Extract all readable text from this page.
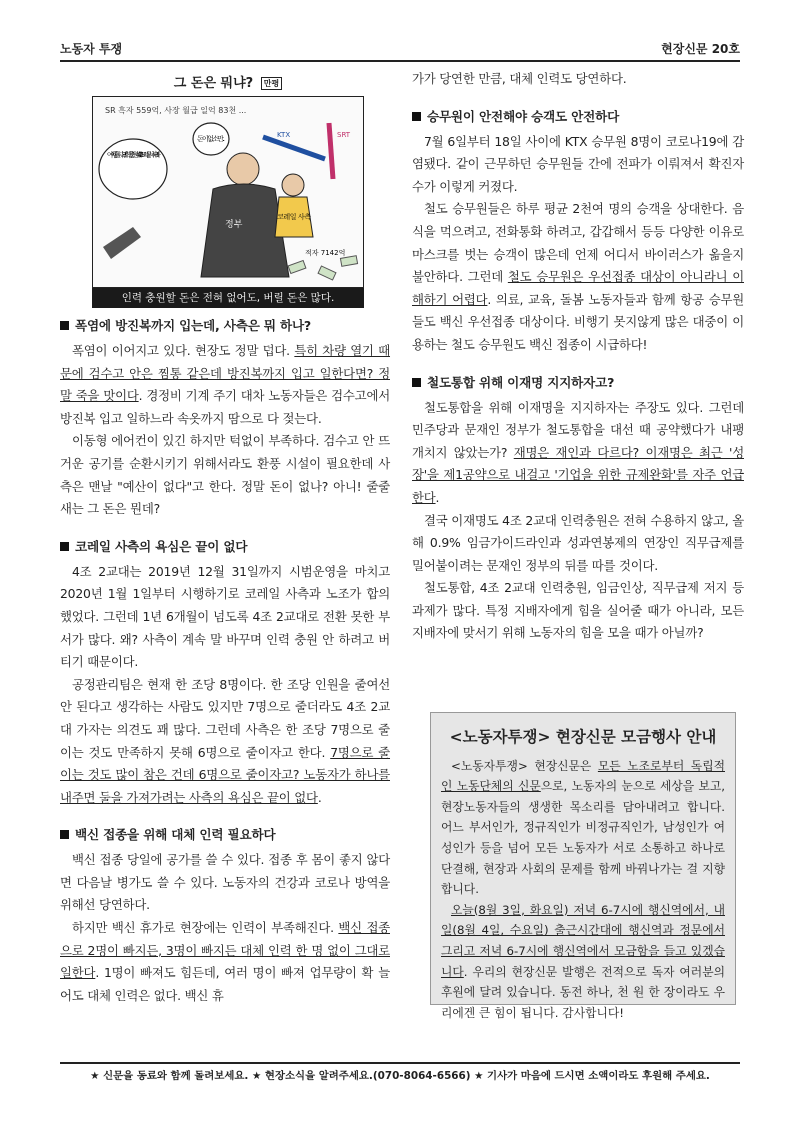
노동자 투쟁	현장신문 20호
그 돈은 뭐냐? 만평
SR 흑자 559억, 사장 월급 일억 83천 ...
아이 힘들다고! 인력을 충원해 4조 2교대 실시하라!!
돈이 없소만...
정부
코레일 사측
KTX	SRT
적자 7142억
인력 충원할 돈은 전혀 없어도, 버릴 돈은 많다.
폭염에 방진복까지 입는데, 사측은 뭐 하나?

폭염이 이어지고 있다. 현장도 정말 덥다. 특히 차량 열기 때문에 검수고 안은 찜통 같은데 방진복까지 입고 일한다면? 정말 죽을 맛이다. 경정비 기계 주기 대차 노동자들은 검수고에서 방진복 입고 일하느라 속옷까지 땀으로 다 젖는다.

이동형 에어컨이 있긴 하지만 턱없이 부족하다. 검수고 안 뜨거운 공기를 순환시키기 위해서라도 환풍 시설이 필요한데 사측은 맨날 "예산이 없다"고 한다. 정말 돈이 없나? 아니! 줄줄 새는 그 돈은 뭔데?

코레일 사측의 욕심은 끝이 없다

4조 2교대는 2019년 12월 31일까지 시범운영을 마치고 2020년 1월 1일부터 시행하기로 코레일 사측과 노조가 합의했었다. 그런데 1년 6개월이 넘도록 4조 2교대로 전환 못한 부서가 많다. 왜? 사측이 계속 말 바꾸며 인력 충원 안 하려고 버티기 때문이다.

공정관리팀은 현재 한 조당 8명이다. 한 조당 인원을 줄여선 안 된다고 생각하는 사람도 있지만 7명으로 줄더라도 4조 2교대 가자는 의견도 꽤 많다. 그런데 사측은 한 조당 7명으로 줄이는 것도 만족하지 못해 6명으로 줄이자고 한다. 7명으로 줄이는 것도 많이 참은 건데 6명으로 줄이자고? 노동자가 하나를 내주면 둘을 가져가려는 사측의 욕심은 끝이 없다.

백신 접종을 위해 대체 인력 필요하다

백신 접종 당일에 공가를 쓸 수 있다. 접종 후 몸이 좋지 않다면 다음날 병가도 쓸 수 있다. 노동자의 건강과 코로나 방역을 위해선 당연하다.

하지만 백신 휴가로 현장에는 인력이 부족해진다. 백신 접종으로 2명이 빠지든, 3명이 빠지든 대체 인력 한 명 없이 그대로 일한다. 1명이 빠져도 힘든데, 여러 명이 빠져 업무량이 확 늘어도 대체 인력은 없다. 백신 휴

가가 당연한 만큼, 대체 인력도 당연하다.

승무원이 안전해야 승객도 안전하다

7월 6일부터 18일 사이에 KTX 승무원 8명이 코로나19에 감염됐다. 같이 근무하던 승무원들 간에 전파가 이뤄져서 확진자 수가 이렇게 커졌다.

철도 승무원들은 하루 평균 2천여 명의 승객을 상대한다. 음식을 먹으려고, 전화통화 하려고, 갑갑해서 등등 다양한 이유로 마스크를 벗는 승객이 많은데 언제 어디서 바이러스가 옮을지 불안하다. 그런데 철도 승무원은 우선접종 대상이 아니라니 이해하기 어렵다. 의료, 교육, 돌봄 노동자들과 함께 항공 승무원들도 백신 우선접종 대상이다. 비행기 못지않게 많은 대중이 이용하는 철도 승무원도 백신 접종이 시급하다!

철도통합 위해 이재명 지지하자고?

철도통합을 위해 이재명을 지지하자는 주장도 있다. 그런데 민주당과 문재인 정부가 철도통합을 대선 때 공약했다가 내팽개치지 않았는가? 재명은 재인과 다르다? 이재명은 최근 '성장'을 제1공약으로 내걸고 '기업을 위한 규제완화'를 자주 언급한다.

결국 이재명도 4조 2교대 인력충원은 전혀 수용하지 않고, 올해 0.9% 임금가이드라인과 성과연봉제의 연장인 직무급제를 밀어붙이려는 문재인 정부의 뒤를 따를 것이다.

철도통합, 4조 2교대 인력충원, 임금인상, 직무급제 저지 등 과제가 많다. 특정 지배자에게 힘을 실어줄 때가 아니라, 모든 지배자에 맞서기 위해 노동자의 힘을 모을 때가 아닐까?

<노동자투쟁> 현장신문 모금행사 안내

<노동자투쟁> 현장신문은 모든 노조로부터 독립적인 노동단체의 신문으로, 노동자의 눈으로 세상을 보고, 현장노동자들의 생생한 목소리를 담아내려고 합니다. 어느 부서인가, 정규직인가 비정규직인가, 남성인가 여성인가 등을 넘어 모든 노동자가 서로 소통하고 하나로 단결해, 현장과 사회의 문제를 함께 바꿔나가는 걸 지향합니다.

오늘(8월 3일, 화요일) 저녁 6-7시에 행신역에서, 내일(8월 4일, 수요일) 출근시간대에 행신역과 정문에서 그리고 저녁 6-7시에 행신역에서 모금함을 들고 있겠습니다. 우리의 현장신문 발행은 전적으로 독자 여러분의 후원에 달려 있습니다. 동전 하나, 천 원 한 장이라도 우리에겐 큰 힘이 됩니다. 감사합니다!

★ 신문을 동료와 함께 돌려보세요. ★ 현장소식을 알려주세요.(070-8064-6566) ★ 기사가 마음에 드시면 소액이라도 후원해 주세요.
